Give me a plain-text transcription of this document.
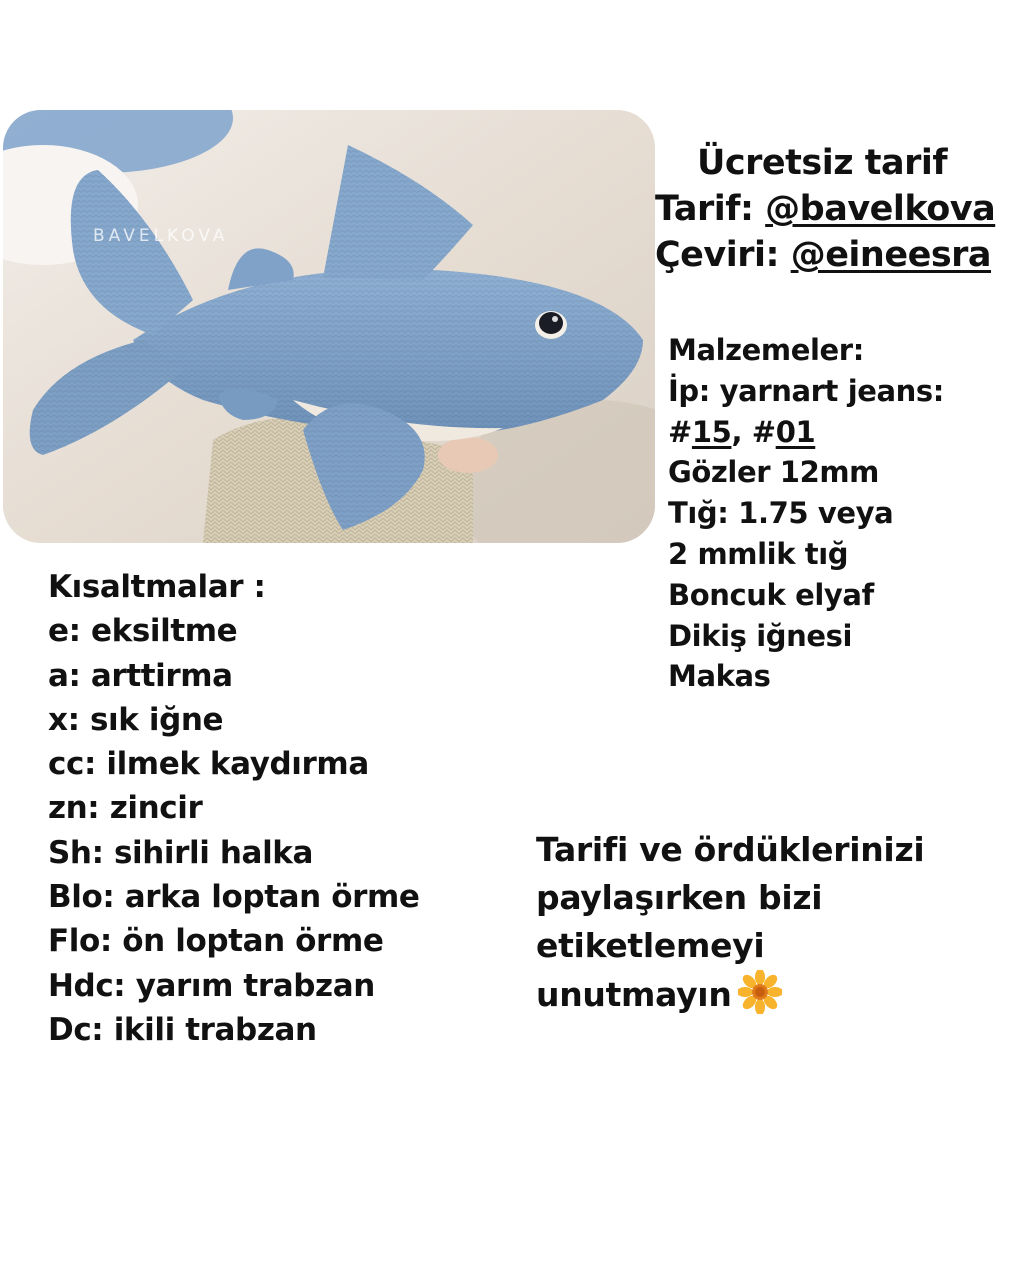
BAVELKOVA
Ücretsiz tarif
Tarif: @bavelkova
Çeviri: @eineesra
Malzemeler:
İp: yarnart jeans:
#15, #01
Gözler 12mm
Tığ: 1.75 veya
2 mmlik tığ
Boncuk elyaf
Dikiş iğnesi
Makas
Kısaltmalar :
e: eksiltme
a: arttirma
x: sık iğne
cc: ilmek kaydırma
zn: zincir
Sh: sihirli halka
Blo: arka loptan örme
Flo: ön loptan örme
Hdc: yarım trabzan
Dc: ikili trabzan
Tarifi ve ördüklerinizi
paylaşırken bizi
etiketlemeyi
unutmayın
